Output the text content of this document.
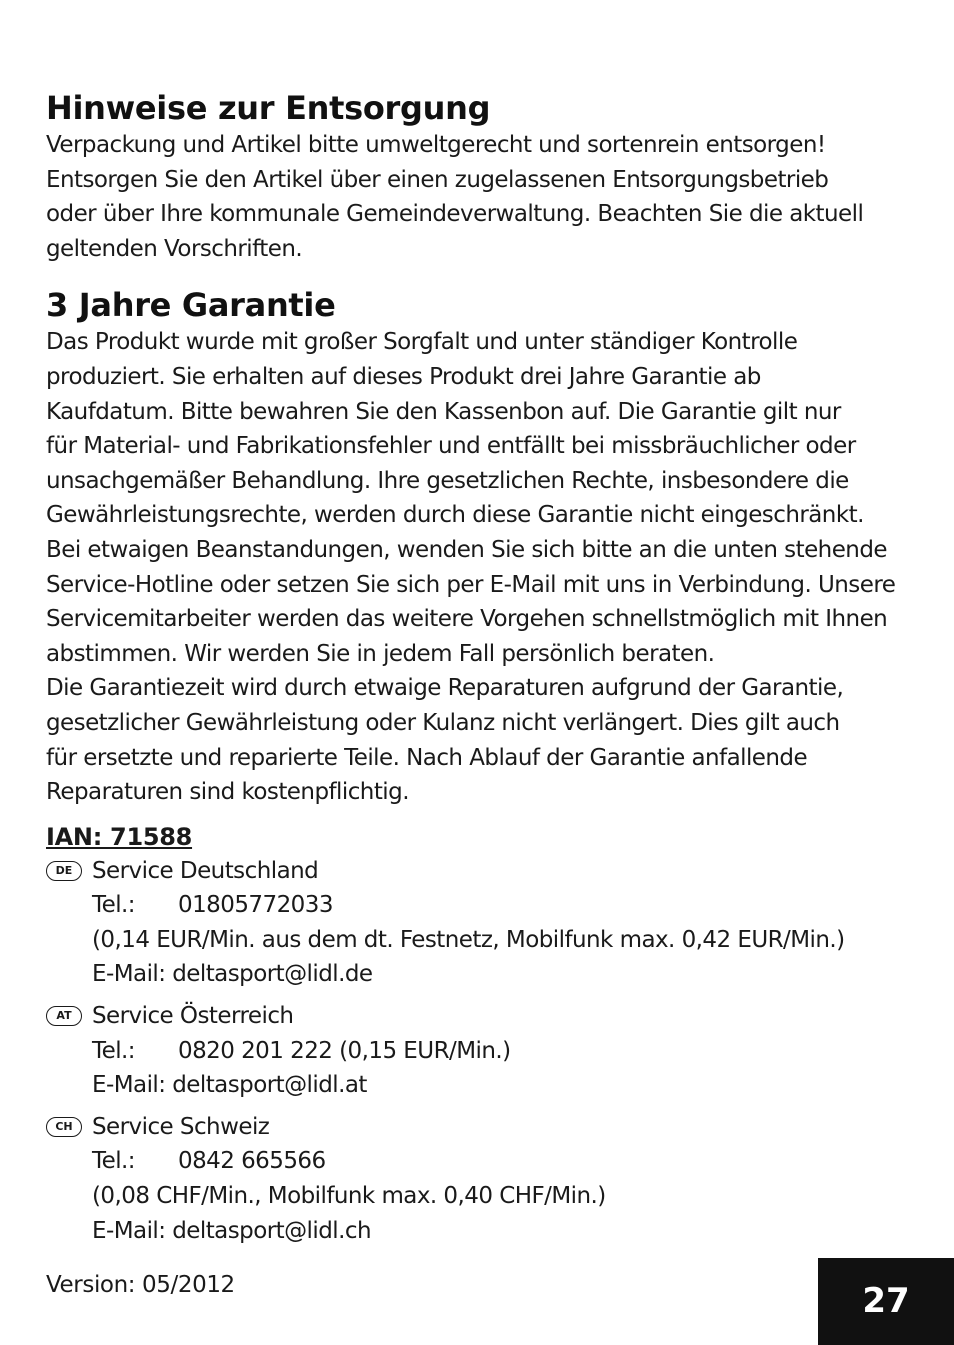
Hinweise zur Entsorgung

Verpackung und Artikel bitte umweltgerecht und sortenrein entsorgen!
Entsorgen Sie den Artikel über einen zugelassenen Entsorgungsbetrieb
oder über Ihre kommunale Gemeindeverwaltung. Beachten Sie die aktuell
geltenden Vorschriften.

3 Jahre Garantie

Das Produkt wurde mit großer Sorgfalt und unter ständiger Kontrolle
produziert. Sie erhalten auf dieses Produkt drei Jahre Garantie ab
Kaufdatum. Bitte bewahren Sie den Kassenbon auf. Die Garantie gilt nur
für Material- und Fabrikationsfehler und entfällt bei missbräuchlicher oder
unsachgemäßer Behandlung. Ihre gesetzlichen Rechte, insbesondere die
Gewährleistungsrechte, werden durch diese Garantie nicht eingeschränkt.
Bei etwaigen Beanstandungen, wenden Sie sich bitte an die unten stehende
Service-Hotline oder setzen Sie sich per E-Mail mit uns in Verbindung. Unsere
Servicemitarbeiter werden das weitere Vorgehen schnellstmöglich mit Ihnen
abstimmen. Wir werden Sie in jedem Fall persönlich beraten.
Die Garantiezeit wird durch etwaige Reparaturen aufgrund der Garantie,
gesetzlicher Gewährleistung oder Kulanz nicht verlängert. Dies gilt auch
für ersetzte und reparierte Teile. Nach Ablauf der Garantie anfallende
Reparaturen sind kostenpflichtig.

IAN: 71588
DE Service Deutschland
Tel.: 01805772033
(0,14 EUR/Min. aus dem dt. Festnetz, Mobilfunk max. 0,42 EUR/Min.)
E-Mail: deltasport@lidl.de
AT Service Österreich
Tel.: 0820 201 222 (0,15 EUR/Min.)
E-Mail: deltasport@lidl.at
CH Service Schweiz
Tel.: 0842 665566
(0,08 CHF/Min., Mobilfunk max. 0,40 CHF/Min.)
E-Mail: deltasport@lidl.ch
Version: 05/2012	27
